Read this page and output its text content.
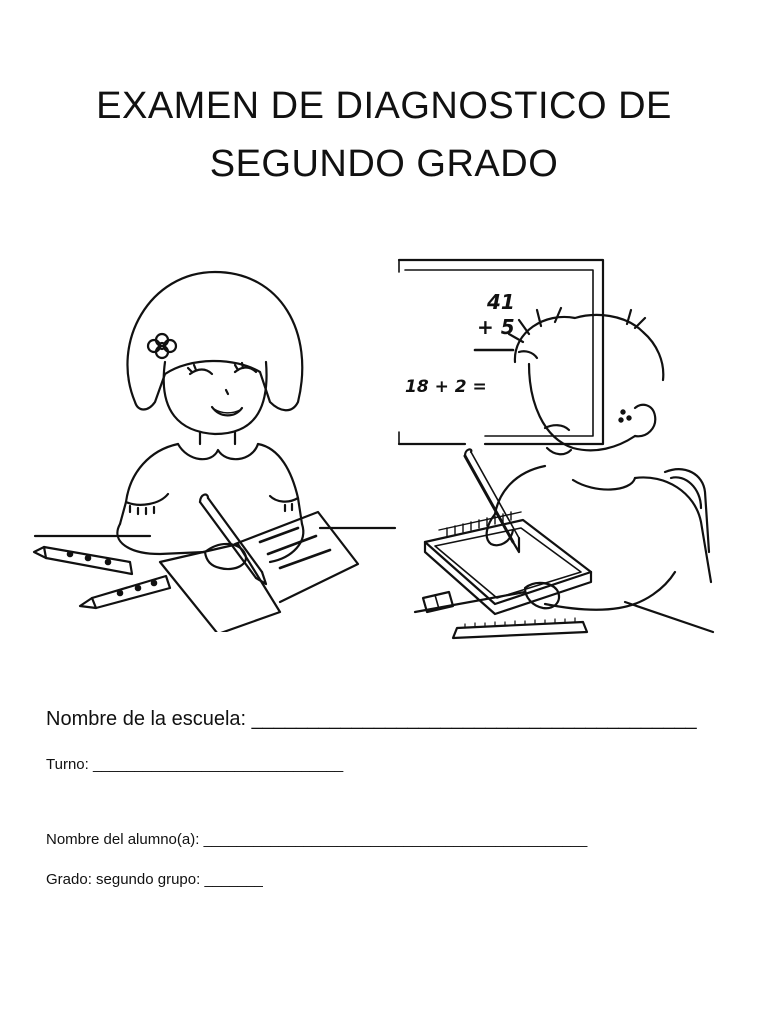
EXAMEN DE DIAGNOSTICO DE
SEGUNDO GRADO
41
+ 5
18 + 2 =
Nombre de la escuela: ________________________________________
Turno: ______________________________
Nombre del alumno(a): ______________________________________________
Grado: segundo grupo: _______
